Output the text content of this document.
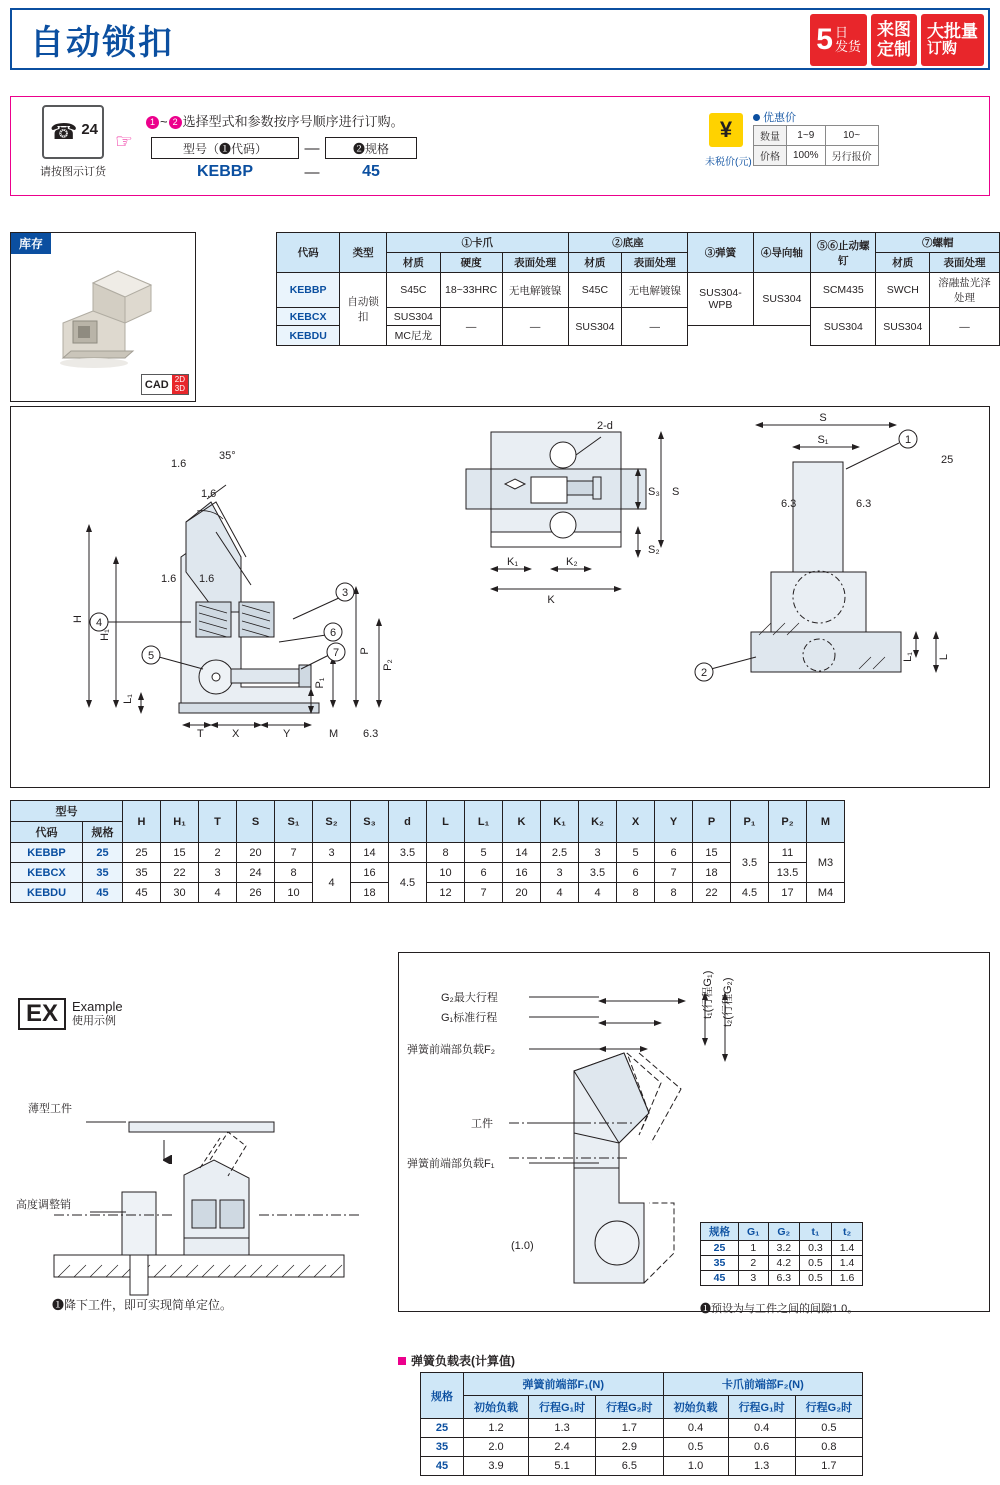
自动锁扣	5 日
发货
来图
定制
大批量
订购
☎ 24
请按图示订货
☞
1 ~ 2 选择型式和参数按序号顺序进行订购。
型号（❶代码）	—	❷规格
KEBBP	—	45
¥
未税价(元)
优惠价
数量	1~9	10~
价格	100%	另行报价
库存
CAD 2D
3D
代码	类型	①卡爪			②底座		③弹簧	④导向轴	⑤⑥止动螺钉	⑦螺帽	
		材质	硬度	表面处理	材质	表面处理				材质	表面处理
KEBBP	自动锁扣	S45C	18~33HRC	无电解镀镍	S45C	无电解镀镍	SUS304-WPB	SUS304	SCM435	SWCH	溶融盐光泽处理
KEBCX		SUS304	—	—	SUS304	—			SUS304	SUS304	—
KEBDU		MC尼龙									
3
4
5
6
7
1
2
H
H₁
L₁
P
P₂
P₁
T	X	Y	M
1.6
1.6
1.6
1.6
35°
6.3
2-d
S₃ S
S₂
K₁	K₂
K
S
S₁
6.3	6.3
25
L₁ L
型号		H	H₁	T	S	S₁	S₂	S₃	d	L	L₁	K	K₁	K₂	X	Y	P	P₁	P₂	M
代码	规格																			
KEBBP	25	25	15	2	20	7	3	14	3.5	8	5	14	2.5	3	5	6	15	3.5	11	M3
KEBCX	35	35	22	3	24	8	4	16	4.5	10	6	16	3	3.5	6	7	18		13.5	
KEBDU	45	45	30	4	26	10		18		12	7	20	4	4	8	8	22	4.5	17	M4
EX	Example
使用示例
薄型工件
高度调整销
❶降下工件，即可实现简单定位。
G₂最大行程
G₁标准行程
弹簧前端部负载F₂
工件
弹簧前端部负载F₁
t₁(行程G₁) t₂(行程G₂)
(1.0)
规格	G₁	G₂	t₁	t₂
25	1	3.2	0.3	1.4
35	2	4.2	0.5	1.4
45	3	6.3	0.5	1.6
❶预设为与工件之间的间隙1.0。
弹簧负载表(计算值)
规格	弹簧前端部F₁(N)			卡爪前端部F₂(N)		
	初始负载	行程G₁时	行程G₂时	初始负载	行程G₁时	行程G₂时
25	1.2	1.3	1.7	0.4	0.4	0.5
35	2.0	2.4	2.9	0.5	0.6	0.8
45	3.9	5.1	6.5	1.0	1.3	1.7
